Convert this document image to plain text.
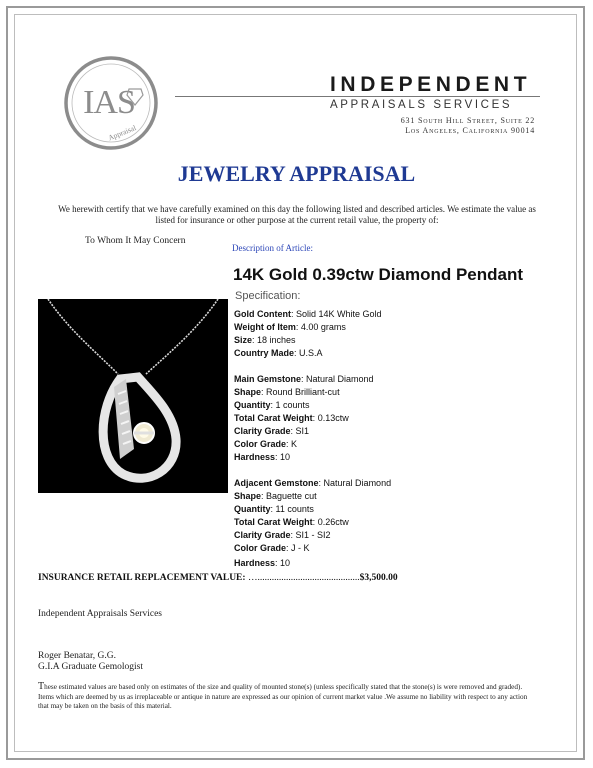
IAS
Appraisal
INDEPENDENT
APPRAISALS SERVICES
631 South Hill Street, Suite 22
Los Angeles, California 90014
JEWELRY APPRAISAL
We herewith certify that we have carefully examined on this day the following listed and described articles. We estimate the value as listed for insurance or other purpose at the current retail value, the property of:
To Whom It May Concern
Description of Article:
14K Gold 0.39ctw Diamond Pendant
Specification:
Gold Content: Solid 14K White Gold
Weight of Item: 4.00 grams
Size: 18 inches
Country Made: U.S.A
Main Gemstone: Natural Diamond
Shape: Round Brilliant-cut
Quantity: 1 counts
Total Carat Weight: 0.13ctw
Clarity Grade: SI1
Color Grade: K
Hardness: 10
Adjacent Gemstone: Natural Diamond
Shape: Baguette cut
Quantity: 11 counts
Total Carat Weight: 0.26ctw
Clarity Grade: SI1 - SI2
Color Grade: J - K
INSURANCE RETAIL REPLACEMENT VALUE: …...........................................$3,500.00
Hardness: 10
Independent Appraisals Services
Roger Benatar, G.G.
G.I.A Graduate Gemologist
These estimated values are based only on estimates of the size and quality of mounted stone(s) (unless specifically stated that the stone(s) is were removed and graded). Items which are deemed by us as irreplaceable or antique in nature are expressed as our opinion of current market value .We assume no liability with respect to any action that may be taken on the basis of this material.
